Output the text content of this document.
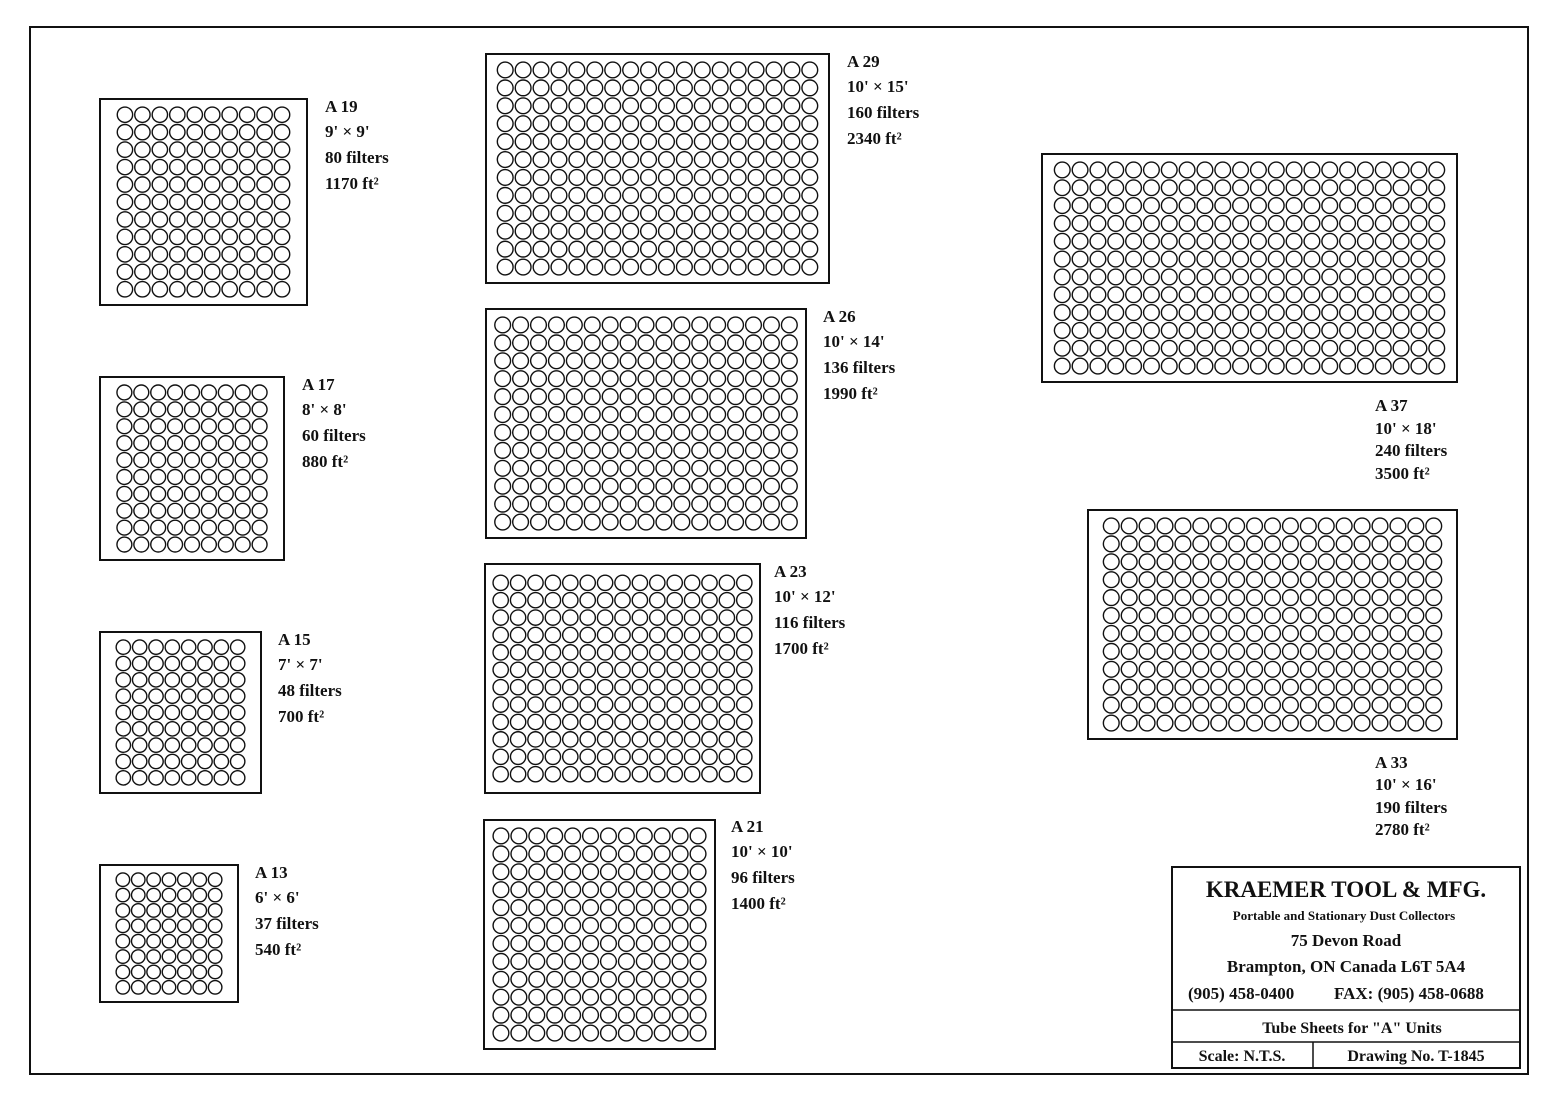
A 19
9' × 9'
80 filters
1170 ft²
A 17
8' × 8'
60 filters
880 ft²
A 15
7' × 7'
48 filters
700 ft²
A 13
6' × 6'
37 filters
540 ft²
A 29
10' × 15'
160 filters
2340 ft²
A 26
10' × 14'
136 filters
1990 ft²
A 23
10' × 12'
116 filters
1700 ft²
A 21
10' × 10'
96 filters
1400 ft²
A 37
10' × 18'
240 filters
3500 ft²
A 33
10' × 16'
190 filters
2780 ft²
KRAEMER TOOL & MFG.
Portable and Stationary Dust Collectors
75 Devon Road
Brampton, ON Canada L6T 5A4
(905) 458-0400 FAX: (905) 458-0688
Tube Sheets for "A" Units
Scale: N.T.S.	Drawing No. T-1845
